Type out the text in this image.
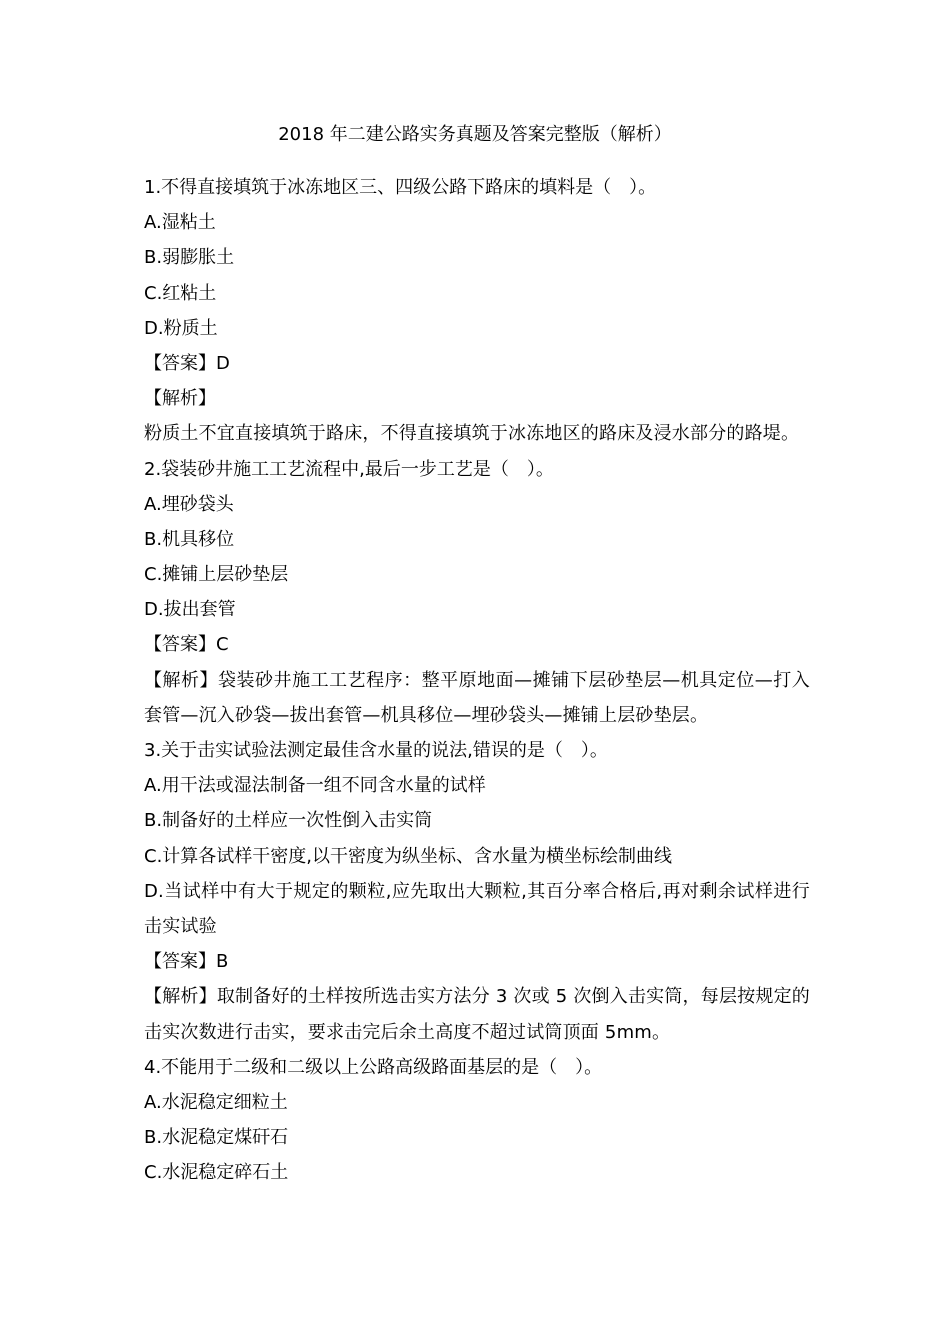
2018 年二建公路实务真题及答案完整版（解析）
1.不得直接填筑于冰冻地区三、四级公路下路床的填料是（　）。
A.湿粘土
B.弱膨胀土
C.红粘土
D.粉质土
【答案】D
【解析】
粉质土不宜直接填筑于路床，不得直接填筑于冰冻地区的路床及浸水部分的路堤。
2.袋装砂井施工工艺流程中,最后一步工艺是（　）。
A.埋砂袋头
B.机具移位
C.摊铺上层砂垫层
D.拔出套管
【答案】C
【解析】袋装砂井施工工艺程序：整平原地面—摊铺下层砂垫层—机具定位—打入套管—沉入砂袋—拔出套管—机具移位—埋砂袋头—摊铺上层砂垫层。
3.关于击实试验法测定最佳含水量的说法,错误的是（　）。
A.用干法或湿法制备一组不同含水量的试样
B.制备好的土样应一次性倒入击实筒
C.计算各试样干密度,以干密度为纵坐标、含水量为横坐标绘制曲线
D.当试样中有大于规定的颗粒,应先取出大颗粒,其百分率合格后,再对剩余试样进行击实试验
【答案】B
【解析】取制备好的土样按所选击实方法分 3 次或 5 次倒入击实筒，每层按规定的击实次数进行击实，要求击完后余土高度不超过试筒顶面 5mm。
4.不能用于二级和二级以上公路高级路面基层的是（　）。
A.水泥稳定细粒土
B.水泥稳定煤矸石
C.水泥稳定碎石土
